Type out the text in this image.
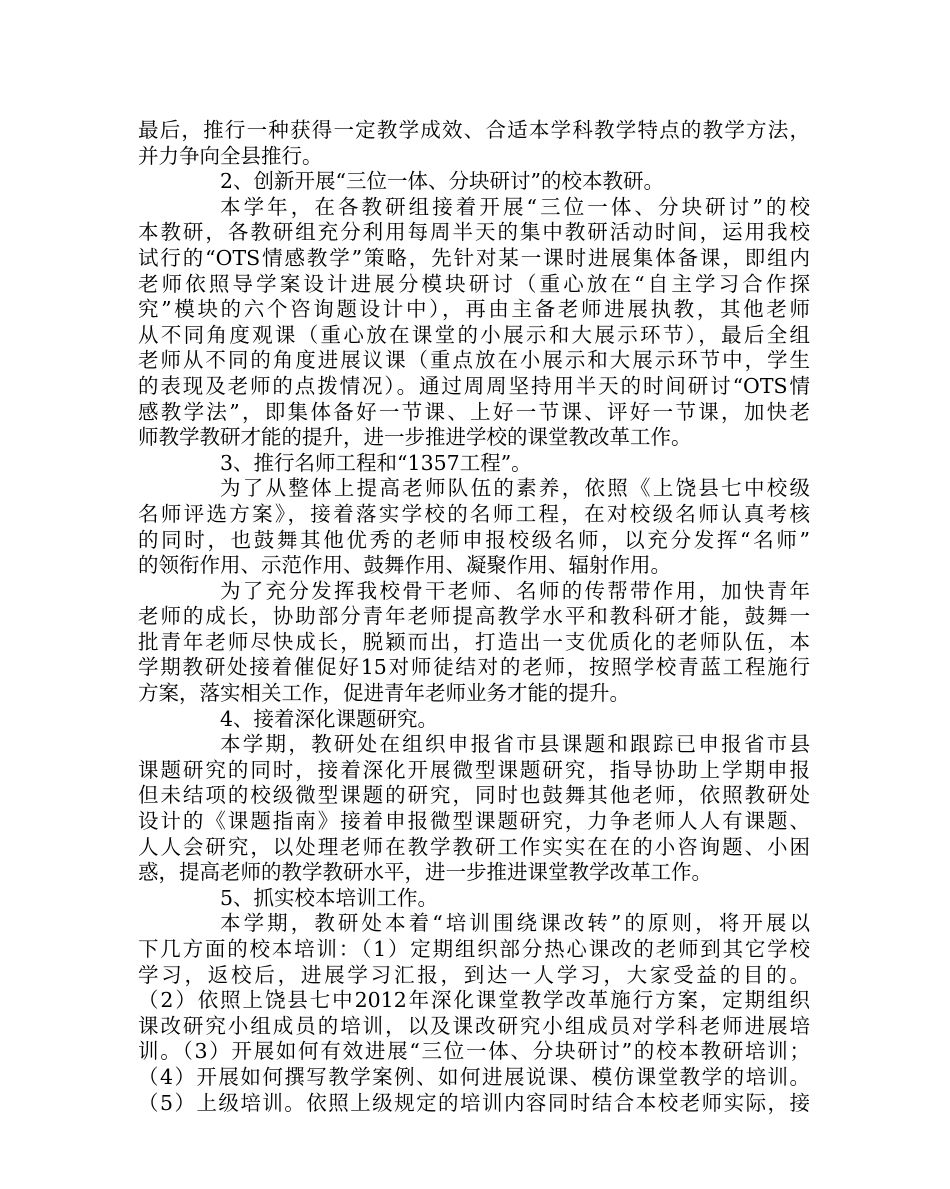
最后，推行一种获得一定教学成效、合适本学科教学特点的教学方法，
并力争向全县推行。
2、创新开展“三位一体、分块研讨”的校本教研。
本学年，在各教研组接着开展“三位一体、分块研讨”的校
本教研，各教研组充分利用每周半天的集中教研活动时间，运用我校
试行的“OTS情感教学”策略，先针对某一课时进展集体备课，即组内
老师依照导学案设计进展分模块研讨（重心放在“自主学习合作探
究”模块的六个咨询题设计中），再由主备老师进展执教，其他老师
从不同角度观课（重心放在课堂的小展示和大展示环节），最后全组
老师从不同的角度进展议课（重点放在小展示和大展示环节中，学生
的表现及老师的点拨情况）。通过周周坚持用半天的时间研讨“OTS情
感教学法”，即集体备好一节课、上好一节课、评好一节课，加快老
师教学教研才能的提升，进一步推进学校的课堂教改革工作。
3、推行名师工程和“1357工程”。
为了从整体上提高老师队伍的素养，依照《上饶县七中校级
名师评选方案》，接着落实学校的名师工程，在对校级名师认真考核
的同时，也鼓舞其他优秀的老师申报校级名师，以充分发挥“名师”
的领衔作用、示范作用、鼓舞作用、凝聚作用、辐射作用。
为了充分发挥我校骨干老师、名师的传帮带作用，加快青年
老师的成长，协助部分青年老师提高教学水平和教科研才能，鼓舞一
批青年老师尽快成长，脱颖而出，打造出一支优质化的老师队伍，本
学期教研处接着催促好15对师徒结对的老师，按照学校青蓝工程施行
方案，落实相关工作，促进青年老师业务才能的提升。
4、接着深化课题研究。
本学期，教研处在组织申报省市县课题和跟踪已申报省市县
课题研究的同时，接着深化开展微型课题研究，指导协助上学期申报
但未结项的校级微型课题的研究，同时也鼓舞其他老师，依照教研处
设计的《课题指南》接着申报微型课题研究，力争老师人人有课题、
人人会研究，以处理老师在教学教研工作实实在在的小咨询题、小困
惑，提高老师的教学教研水平，进一步推进课堂教学改革工作。
5、抓实校本培训工作。
本学期，教研处本着“培训围绕课改转”的原则，将开展以
下几方面的校本培训：（1）定期组织部分热心课改的老师到其它学校
学习，返校后，进展学习汇报，到达一人学习，大家受益的目的。
（2）依照上饶县七中2012年深化课堂教学改革施行方案，定期组织
课改研究小组成员的培训，以及课改研究小组成员对学科老师进展培
训。（3）开展如何有效进展“三位一体、分块研讨”的校本教研培训；
（4）开展如何撰写教学案例、如何进展说课、模仿课堂教学的培训。
（5）上级培训。依照上级规定的培训内容同时结合本校老师实际，接
